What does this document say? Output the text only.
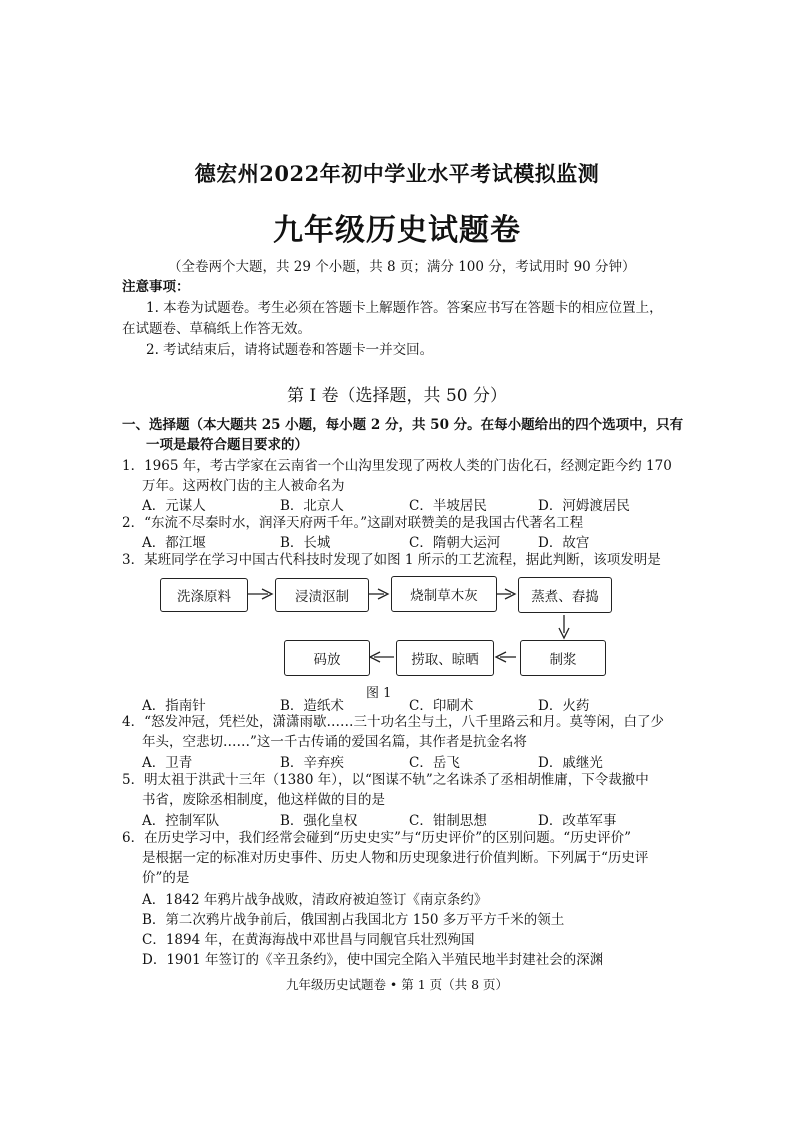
德宏州2022年初中学业水平考试模拟监测
九年级历史试题卷
（全卷两个大题，共 29 个小题，共 8 页；满分 100 分，考试用时 90 分钟）
注意事项：
1. 本卷为试题卷。考生必须在答题卡上解题作答。答案应书写在答题卡的相应位置上，
在试题卷、草稿纸上作答无效。
2. 考试结束后，请将试题卷和答题卡一并交回。
第 I 卷（选择题，共 50 分）
一、选择题（本大题共 25 小题，每小题 2 分，共 50 分。在每小题给出的四个选项中，只有
一项是最符合题目要求的）
1．1965 年，考古学家在云南省一个山沟里发现了两枚人类的门齿化石，经测定距今约 170
万年。这两枚门齿的主人被命名为
A．元谋人	B．北京人	C．半坡居民	D．河姆渡居民
2．“东流不尽秦时水，润泽天府两千年。”这副对联赞美的是我国古代著名工程
A．都江堰	B．长城	C．隋朝大运河	D．故宫
3．某班同学在学习中国古代科技时发现了如图 1 所示的工艺流程，据此判断，该项发明是
洗涤原料	浸渍沤制	烧制草木灰	蒸煮、舂捣
制浆
捞取、晾晒
码放
图 1
A．指南针	B．造纸术	C．印刷术	D．火药
4．“怒发冲冠，凭栏处，潇潇雨歇……三十功名尘与土，八千里路云和月。莫等闲，白了少
年头，空悲切……”这一千古传诵的爱国名篇，其作者是抗金名将
A．卫青	B．辛弃疾	C．岳飞	D．戚继光
5．明太祖于洪武十三年（1380 年），以“图谋不轨”之名诛杀了丞相胡惟庸，下令裁撤中
书省，废除丞相制度，他这样做的目的是
A．控制军队	B．强化皇权	C．钳制思想	D．改革军事
6．在历史学习中，我们经常会碰到“历史史实”与“历史评价”的区别问题。“历史评价”
是根据一定的标准对历史事件、历史人物和历史现象进行价值判断。下列属于“历史评
价”的是
A．1842 年鸦片战争战败，清政府被迫签订《南京条约》
B．第二次鸦片战争前后，俄国割占我国北方 150 多万平方千米的领土
C．1894 年，在黄海海战中邓世昌与同舰官兵壮烈殉国
D．1901 年签订的《辛丑条约》，使中国完全陷入半殖民地半封建社会的深渊
九年级历史试题卷 • 第 1 页（共 8 页）
